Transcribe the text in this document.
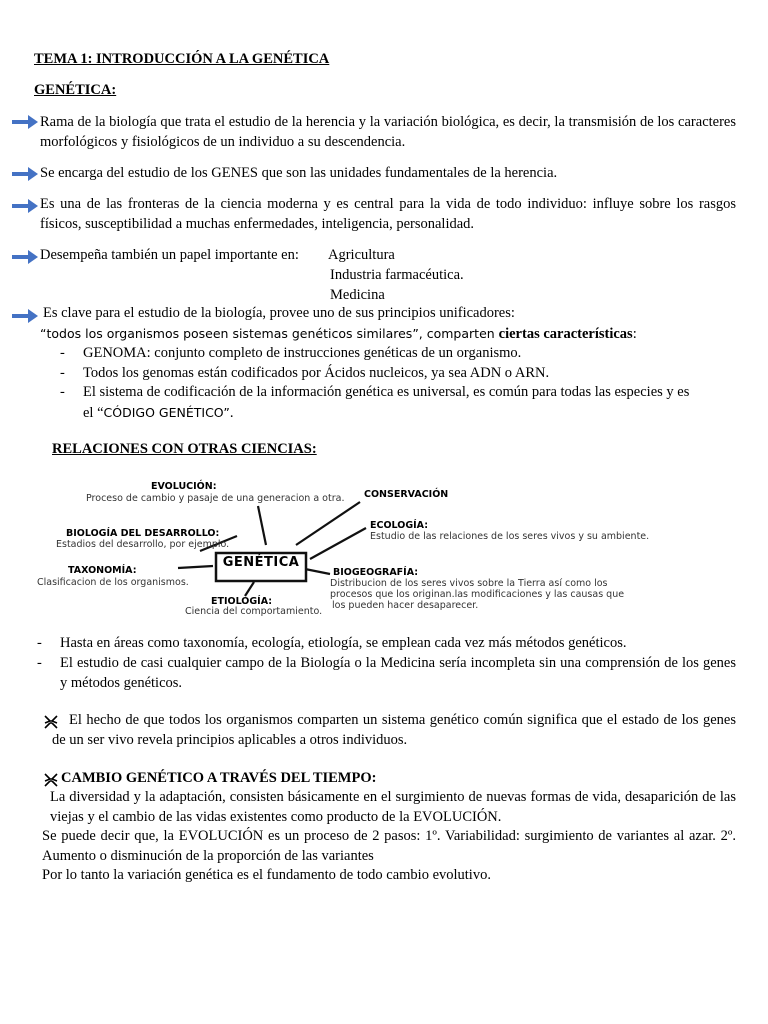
TEMA 1: INTRODUCCIÓN A LA GENÉTICA
GENÉTICA:
Rama de la biología que trata el estudio de la herencia y la variación biológica, es decir, la transmisión de los caracteres morfológicos y fisiológicos de un individuo a su descendencia.
Se encarga del estudio de los GENES que son las unidades fundamentales de la herencia.
Es una de las fronteras de la ciencia moderna y es central para la vida de todo individuo: influye sobre los rasgos físicos, susceptibilidad a muchas enfermedades, inteligencia, personalidad.
Desempeña también un papel importante en: Agricultura
Industria farmacéutica.
Medicina
Es clave para el estudio de la biología, provee uno de sus principios unificadores:
“todos los organismos poseen sistemas genéticos similares”, comparten ciertas características:
- GENOMA: conjunto completo de instrucciones genéticas de un organismo.
- Todos los genomas están codificados por Ácidos nucleicos, ya sea ADN o ARN.
- El sistema de codificación de la información genética es universal, es común para todas las especies y es
el “CÓDIGO GENÉTICO”.
RELACIONES CON OTRAS CIENCIAS:
GENÉTICA
EVOLUCIÓN:
Proceso de cambio y pasaje de una generacion a otra. CONSERVACIÓN
BIOLOGÍA DEL DESARROLLO:
Estadios del desarrollo, por ejemplo.
ECOLOGÍA:
Estudio de las relaciones de los seres vivos y su ambiente.
TAXONOMÍA:
Clasificacion de los organismos.
BIOGEOGRAFÍA:
Distribucion de los seres vivos sobre la Tierra así como los
procesos que los originan.las modificaciones y las causas que
los pueden hacer desaparecer.
ETIOLOGÍA:
Ciencia del comportamiento.
- Hasta en áreas como taxonomía, ecología, etiología, se emplean cada vez más métodos genéticos.
- El estudio de casi cualquier campo de la Biología o la Medicina sería incompleta sin una comprensión de los genes y métodos genéticos.
El hecho de que todos los organismos comparten un sistema genético común significa que el estado de los genes de un ser vivo revela principios aplicables a otros individuos.
CAMBIO GENÉTICO A TRAVÉS DEL TIEMPO:
La diversidad y la adaptación, consisten básicamente en el surgimiento de nuevas formas de vida, desaparición de las viejas y el cambio de las vidas existentes como producto de la EVOLUCIÓN.
Se puede decir que, la EVOLUCIÓN es un proceso de 2 pasos: 1º. Variabilidad: surgimiento de variantes al azar. 2º. Aumento o disminución de la proporción de las variantes
Por lo tanto la variación genética es el fundamento de todo cambio evolutivo.
